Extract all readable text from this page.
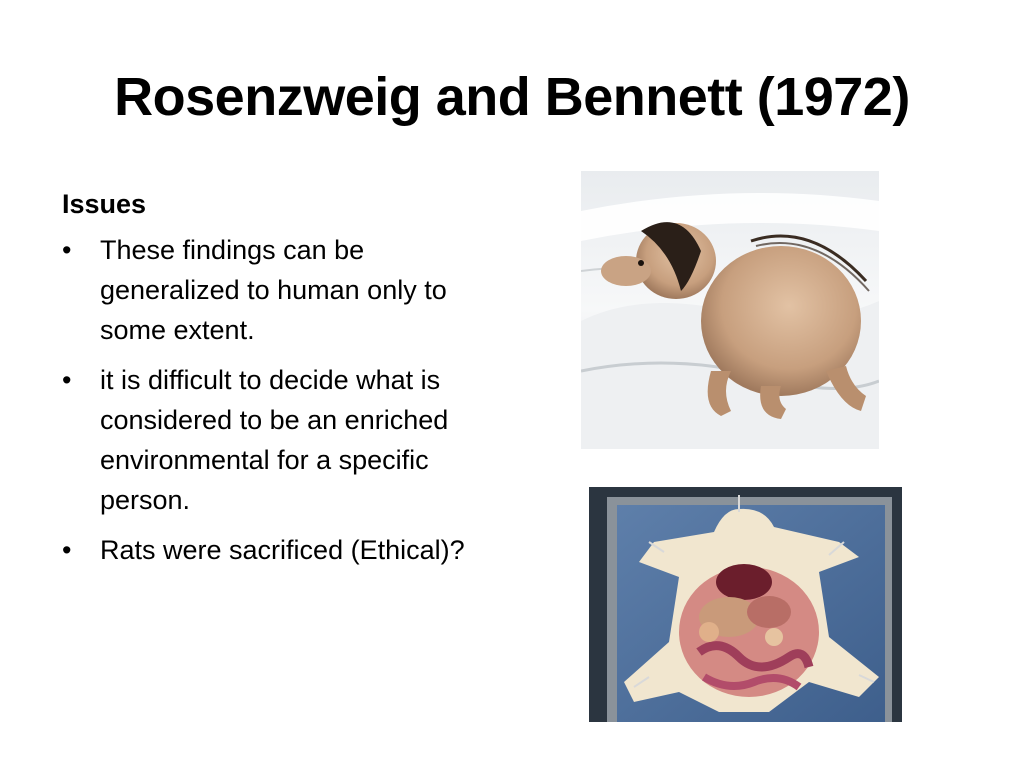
Rosenzweig and Bennett (1972)
Issues
• These findings can be generalized to human only to some extent.
• it is difficult to decide what is considered to be an enriched environmental for a specific person.
• Rats were sacrificed (Ethical)?
